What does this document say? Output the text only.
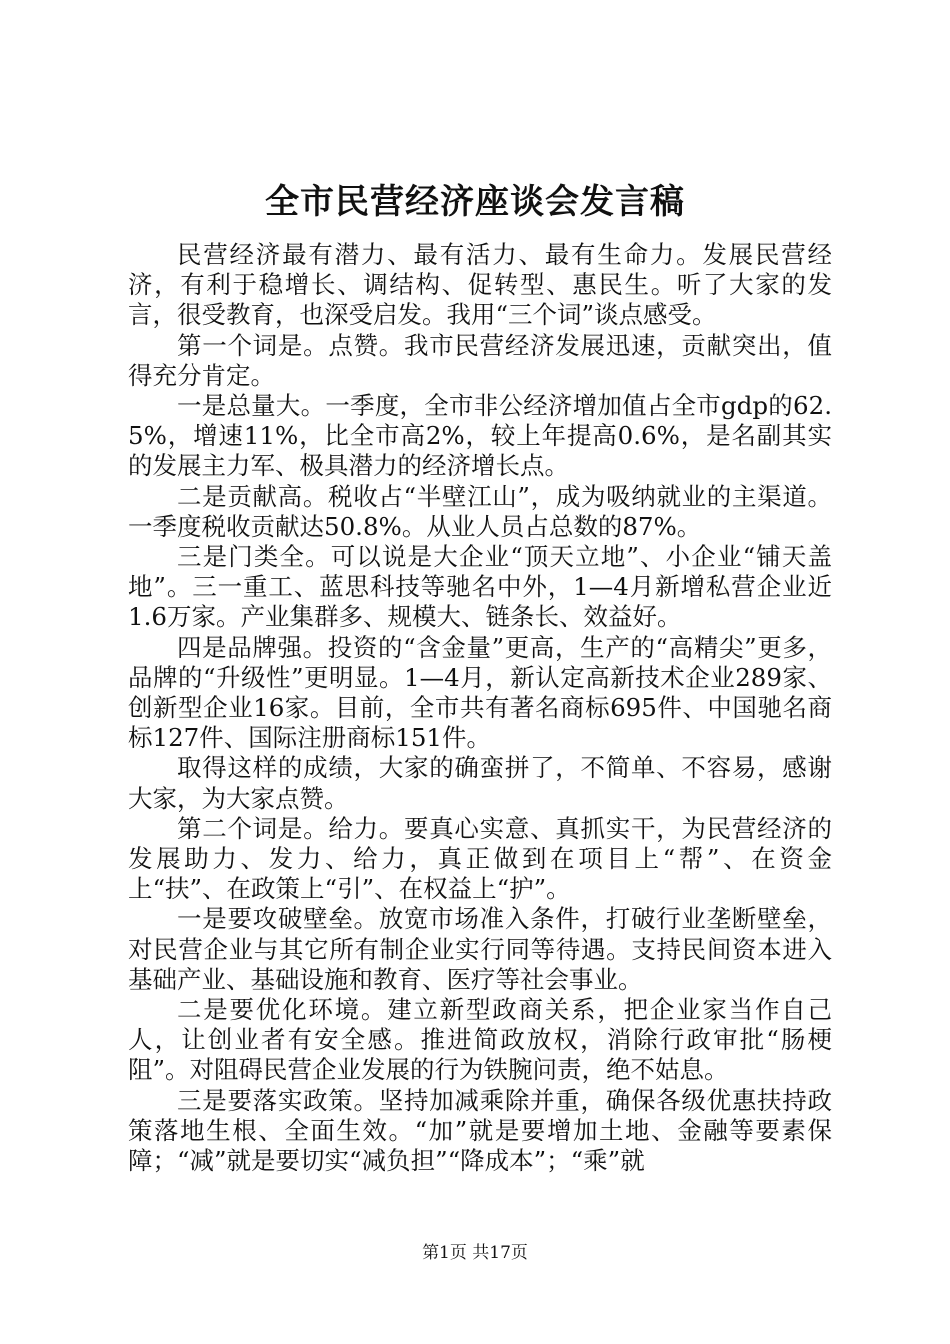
全市民营经济座谈会发言稿

民营经济最有潜力、最有活力、最有生命力。发展民营经济，有利于稳增长、调结构、促转型、惠民生。听了大家的发言，很受教育，也深受启发。我用“三个词”谈点感受。

第一个词是。点赞。我市民营经济发展迅速，贡献突出，值得充分肯定。

一是总量大。一季度，全市非公经济增加值占全市gdp的62.5%，增速11%，比全市高2%，较上年提高0.6%，是名副其实的发展主力军、极具潜力的经济增长点。

二是贡献高。税收占“半壁江山”，成为吸纳就业的主渠道。一季度税收贡献达50.8%。从业人员占总数的87%。

三是门类全。可以说是大企业“顶天立地”、小企业“铺天盖地”。三一重工、蓝思科技等驰名中外，1—4月新增私营企业近1.6万家。产业集群多、规模大、链条长、效益好。

四是品牌强。投资的“含金量”更高，生产的“高精尖”更多，品牌的“升级性”更明显。1—4月，新认定高新技术企业289家、创新型企业16家。目前，全市共有著名商标695件、中国驰名商标127件、国际注册商标151件。

取得这样的成绩，大家的确蛮拼了，不简单、不容易，感谢大家，为大家点赞。

第二个词是。给力。要真心实意、真抓实干，为民营经济的发展助力、发力、给力，真正做到在项目上“帮”、在资金上“扶”、在政策上“引”、在权益上“护”。

一是要攻破壁垒。放宽市场准入条件，打破行业垄断壁垒，对民营企业与其它所有制企业实行同等待遇。支持民间资本进入基础产业、基础设施和教育、医疗等社会事业。

二是要优化环境。建立新型政商关系，把企业家当作自己人，让创业者有安全感。推进简政放权，消除行政审批“肠梗阻”。对阻碍民营企业发展的行为铁腕问责，绝不姑息。

三是要落实政策。坚持加减乘除并重，确保各级优惠扶持政策落地生根、全面生效。“加”就是要增加土地、金融等要素保障；“减”就是要切实“减负担”“降成本”；“乘”就

第1页 共17页
